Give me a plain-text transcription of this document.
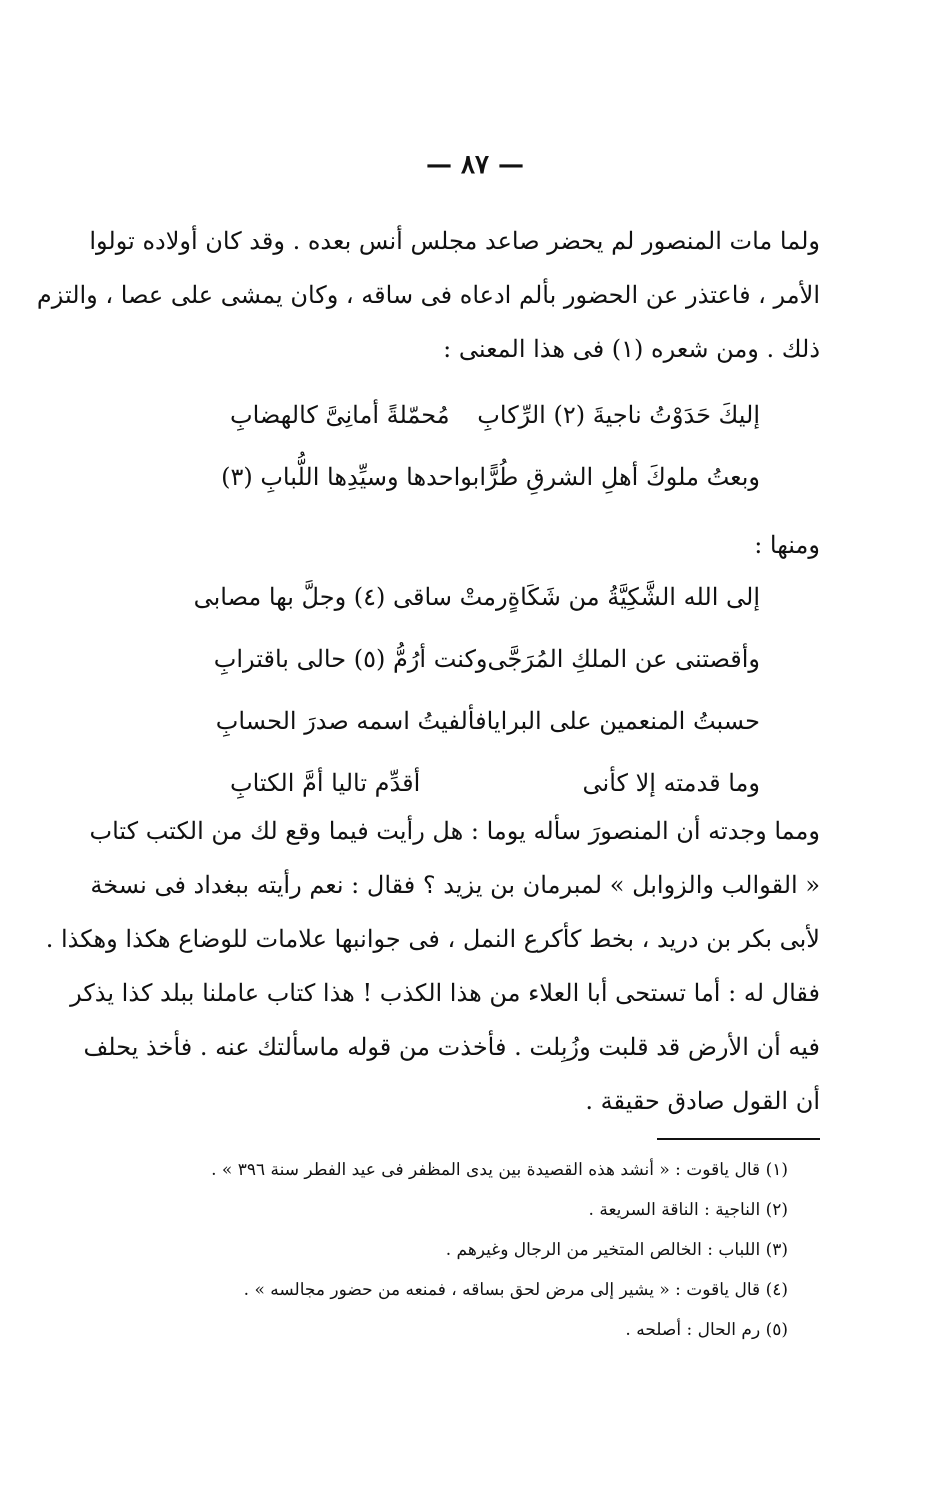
— ٨٧ —
ولما مات المنصور لم يحضر صاعد مجلس أنس بعده . وقد كان أولاده تولوا
الأمر ، فاعتذر عن الحضور بألم ادعاه فى ساقه ، وكان يمشى على عصا ، والتزم
ذلك . ومن شعره (١) فى هذا المعنى :
إليكَ حَدَوْتُ ناجيةَ (٢) الرِّكابِ
مُحمّلةً أمانِىَّ كالهضابِ
وبعتُ ملوكَ أهلِ الشرقِ طُرًّا
بواحدها وسيِّدِها اللُّبابِ (٣)
ومنها :
إلى الله الشَّكِيَّةُ من شَكَاةٍ
رمتْ ساقى (٤) وجلَّ بها مصابى
وأقصتنى عن الملكِ المُرَجَّى
وكنت أرُمُّ (٥) حالى باقترابِ
حسبتُ المنعمين على البرايا
فألفيتُ اسمه صدرَ الحسابِ
وما قدمته إلا كأنى
أقدِّم تاليا أمَّ الكتابِ
ومما وجدته أن المنصورَ سأله يوما : هل رأيت فيما وقع لك من الكتب كتاب
« القوالب والزوابل » لمبرمان بن يزيد ؟ فقال : نعم رأيته ببغداد فى نسخة
لأبى بكر بن دريد ، بخط كأكرع النمل ، فى جوانبها علامات للوضاع هكذا وهكذا .
فقال له : أما تستحى أبا العلاء من هذا الكذب ! هذا كتاب عاملنا ببلد كذا يذكر
فيه أن الأرض قد قلبت وزُبِلت . فأخذت من قوله ماسألتك عنه . فأخذ يحلف
أن القول صادق حقيقة .
(١) قال ياقوت : « أنشد هذه القصيدة بين يدى المظفر فى عيد الفطر سنة ٣٩٦ » .
(٢) الناجية : الناقة السريعة .
(٣) اللباب : الخالص المتخير من الرجال وغيرهم .
(٤) قال ياقوت : « يشير إلى مرض لحق بساقه ، فمنعه من حضور مجالسه » .
(٥) رم الحال : أصلحه .
